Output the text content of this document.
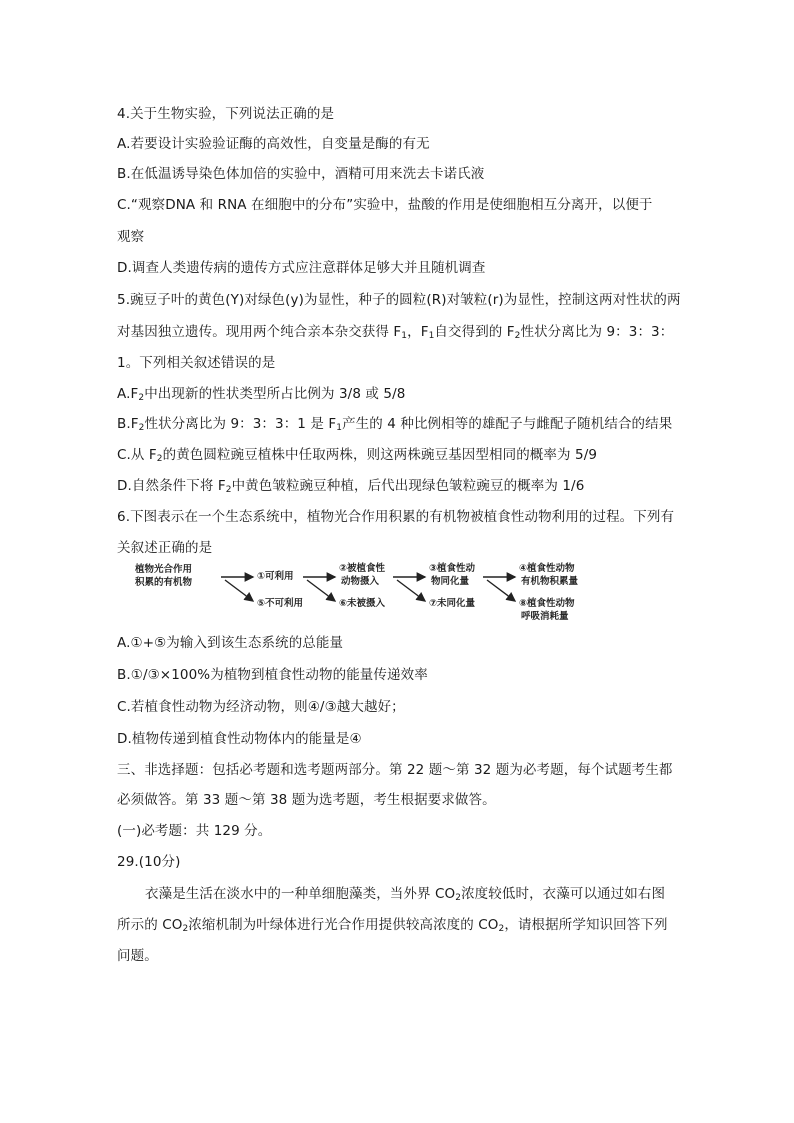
4.关于生物实验，下列说法正确的是
A.若要设计实验验证酶的高效性，自变量是酶的有无
B.在低温诱导染色体加倍的实验中，酒精可用来洗去卡诺氏液
C.“观察DNA 和 RNA 在细胞中的分布”实验中，盐酸的作用是使细胞相互分离开，以便于
观察
D.调查人类遗传病的遗传方式应注意群体足够大并且随机调查
5.豌豆子叶的黄色(Y)对绿色(y)为显性，种子的圆粒(R)对皱粒(r)为显性，控制这两对性状的两
对基因独立遗传。现用两个纯合亲本杂交获得 $F_1$，$F_1$自交得到的 $F_2$性状分离比为 9：3：3：
1。下列相关叙述错误的是
$A.F_2$中出现新的性状类型所占比例为 3/8 或 5/8
$B.F_2$性状分离比为 9：3：3：1 是 $F_1$产生的 4 种比例相等的雄配子与雌配子随机结合的结果
C.从 $F_2$的黄色圆粒豌豆植株中任取两株，则这两株豌豆基因型相同的概率为 5/9
D.自然条件下将 $F_2$中黄色皱粒豌豆种植，后代出现绿色皱粒豌豆的概率为 1/6
6.下图表示在一个生态系统中，植物光合作用积累的有机物被植食性动物利用的过程。下列有
关叙述正确的是
植物光合作用
积累的有机物
①可利用
⑤不可利用
②被植食性
动物摄入
⑥未被摄入
③植食性动
物同化量
⑦未同化量
④植食性动物
有机物积累量
⑧植食性动物
呼吸消耗量
A.①+⑤为输入到该生态系统的总能量
B.①/③×100%为植物到植食性动物的能量传递效率
C.若植食性动物为经济动物，则④/③越大越好；
D.植物传递到植食性动物体内的能量是④
三、非选择题：包括必考题和选考题两部分。第 22 题～第 32 题为必考题，每个试题考生都
必须做答。第 33 题～第 38 题为选考题，考生根据要求做答。
(一)必考题：共 129 分。
29.(10分)
衣藻是生活在淡水中的一种单细胞藻类，当外界 $CO_2$浓度较低时，衣藻可以通过如右图
所示的 $CO_2$浓缩机制为叶绿体进行光合作用提供较高浓度的 $CO_2$，请根据所学知识回答下列
问题。
